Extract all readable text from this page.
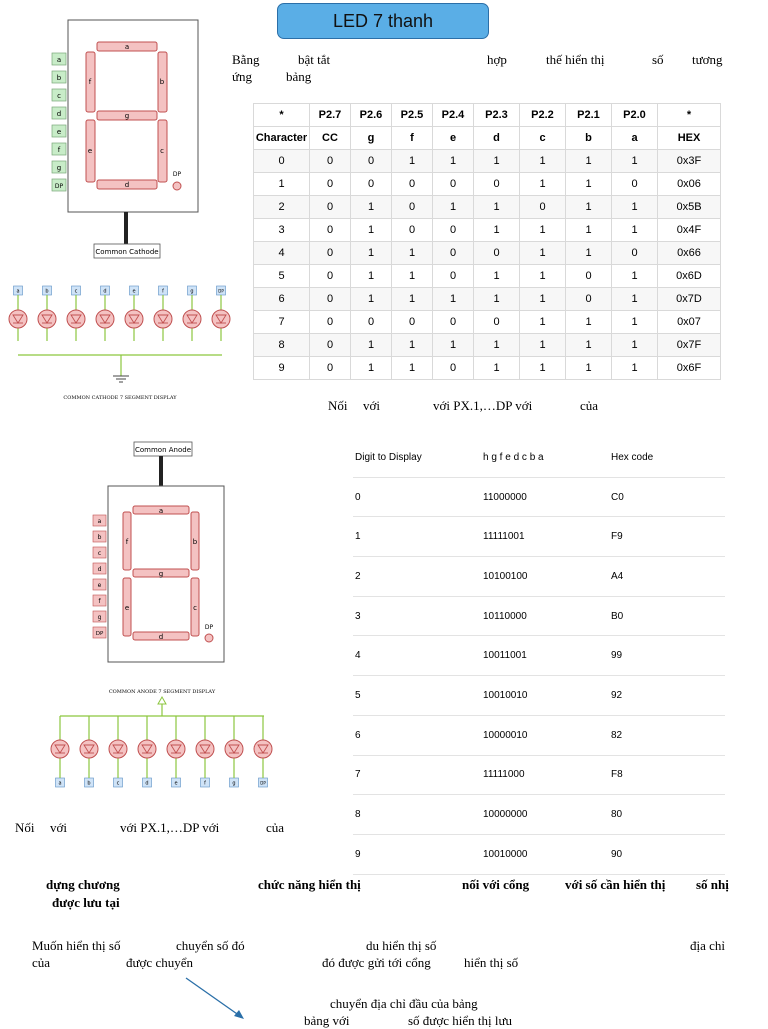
LED 7 thanh
Bằng	bật tắt	hợp	thế hiển thị	số tương
ứng	bảng
a
b
c
d
e
f
g
DP
a
b
c
d
e
f
g
DP
Common Cathode
a	b	c	d	e	f	g	DP
COMMON CATHODE 7 SEGMENT DISPLAY
*	P2.7	P2.6	P2.5	P2.4	P2.3	P2.2	P2.1	P2.0	*
Character	CC	g	f	e	d	c	b	a	HEX
0	0	0	1	1	1	1	1	1	0x3F
1	0	0	0	0	0	1	1	0	0x06
2	0	1	0	1	1	0	1	1	0x5B
3	0	1	0	0	1	1	1	1	0x4F
4	0	1	1	0	0	1	1	0	0x66
5	0	1	1	0	1	1	0	1	0x6D
6	0	1	1	1	1	1	0	1	0x7D
7	0	0	0	0	0	1	1	1	0x07
8	0	1	1	1	1	1	1	1	0x7F
9	0	1	1	0	1	1	1	1	0x6F
Nối với	với PX.1,…DP với	của
Common Anode
a
b
c
d
e
f
g
DP
a
b
c
d
e
f
g
DP
COMMON ANODE 7 SEGMENT DISPLAY
a	b	c	d	e	f	g	DP
Digit to Display	h g f e d c b a	Hex code
0	11000000	C0
1	11111001	F9
2	10100100	A4
3	10110000	B0
4	10011001	99
5	10010010	92
6	10000010	82
7	11111000	F8
8	10000000	80
9	10010000	90
Nối với	với PX.1,…DP với	của
dựng chương	chức năng hiển thị	nối với cổng	với số cần hiển thị số nhị
được lưu tại
Muốn hiển thị số	chuyển số đó	du hiển thị số	địa chỉ
của	được chuyển	đó được gửi tới cổng	hiển thị số
chuyển địa chỉ đầu của bảng
bảng với	số được hiển thị lưu
